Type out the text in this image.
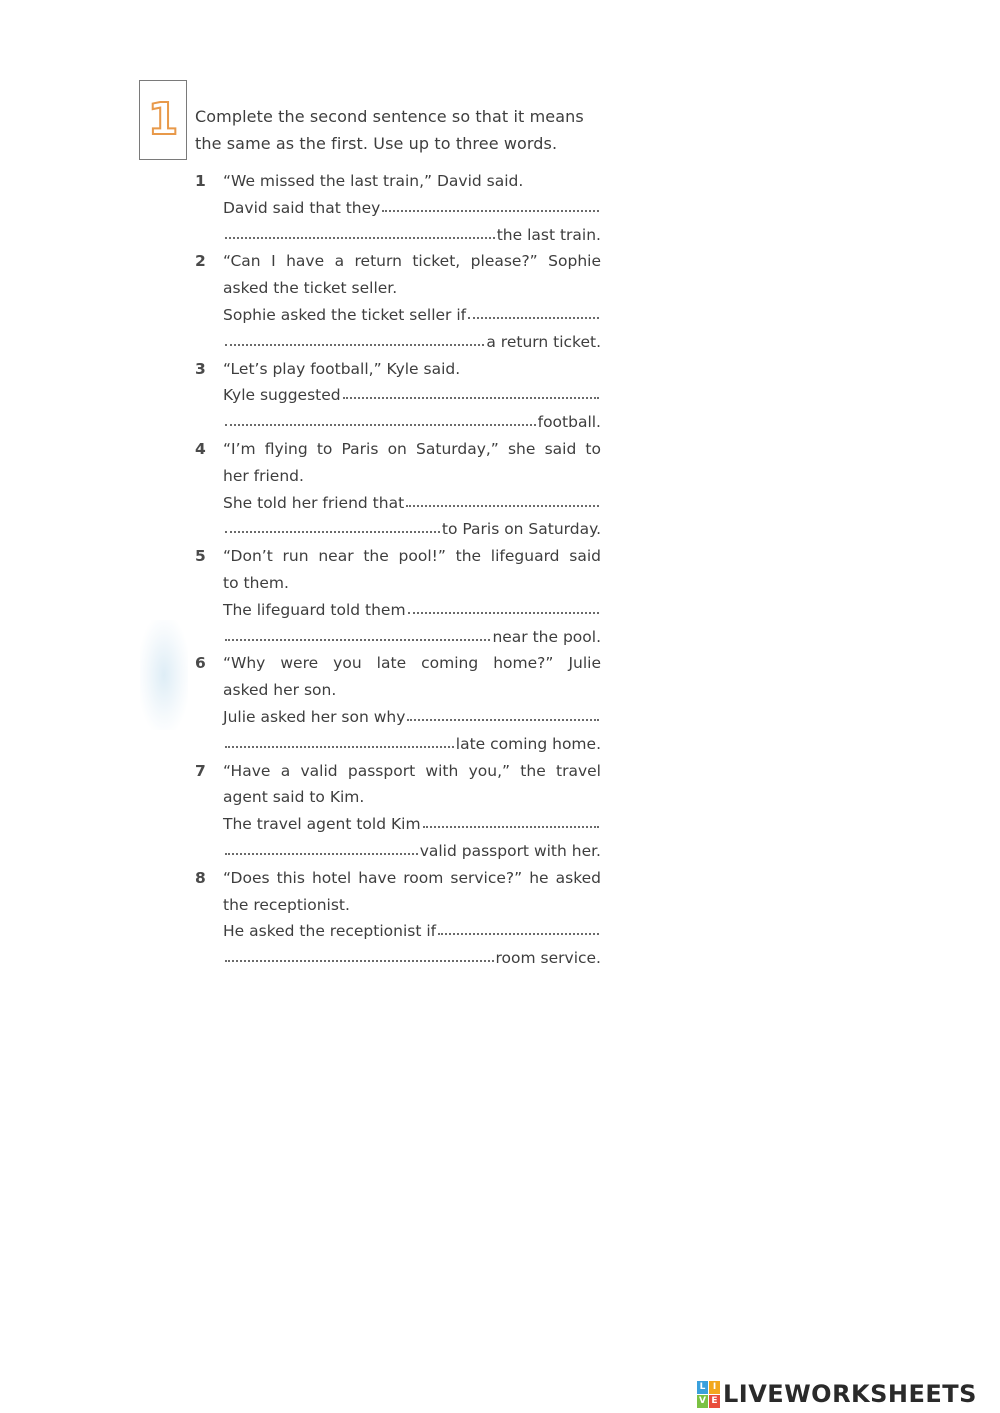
1 Complete the second sentence so that it means
the same as the first. Use up to three words.
1	“We missed the last train,” David said.
David said that they
the last train.
2	“Can I have a return ticket, please?” Sophie
asked the ticket seller.
Sophie asked the ticket seller if
a return ticket.
3	“Let’s play football,” Kyle said.
Kyle suggested
football.
4	“I’m flying to Paris on Saturday,” she said to
her friend.
She told her friend that
to Paris on Saturday.
5	“Don’t run near the pool!” the lifeguard said
to them.
The lifeguard told them
near the pool.
6	“Why were you late coming home?” Julie
asked her son.
Julie asked her son why
late coming home.
7	“Have a valid passport with you,” the travel
agent said to Kim.
The travel agent told Kim
valid passport with her.
8	“Does this hotel have room service?” he asked
the receptionist.
He asked the receptionist if
room service.
L I
V E LIVEWORKSHEETS
